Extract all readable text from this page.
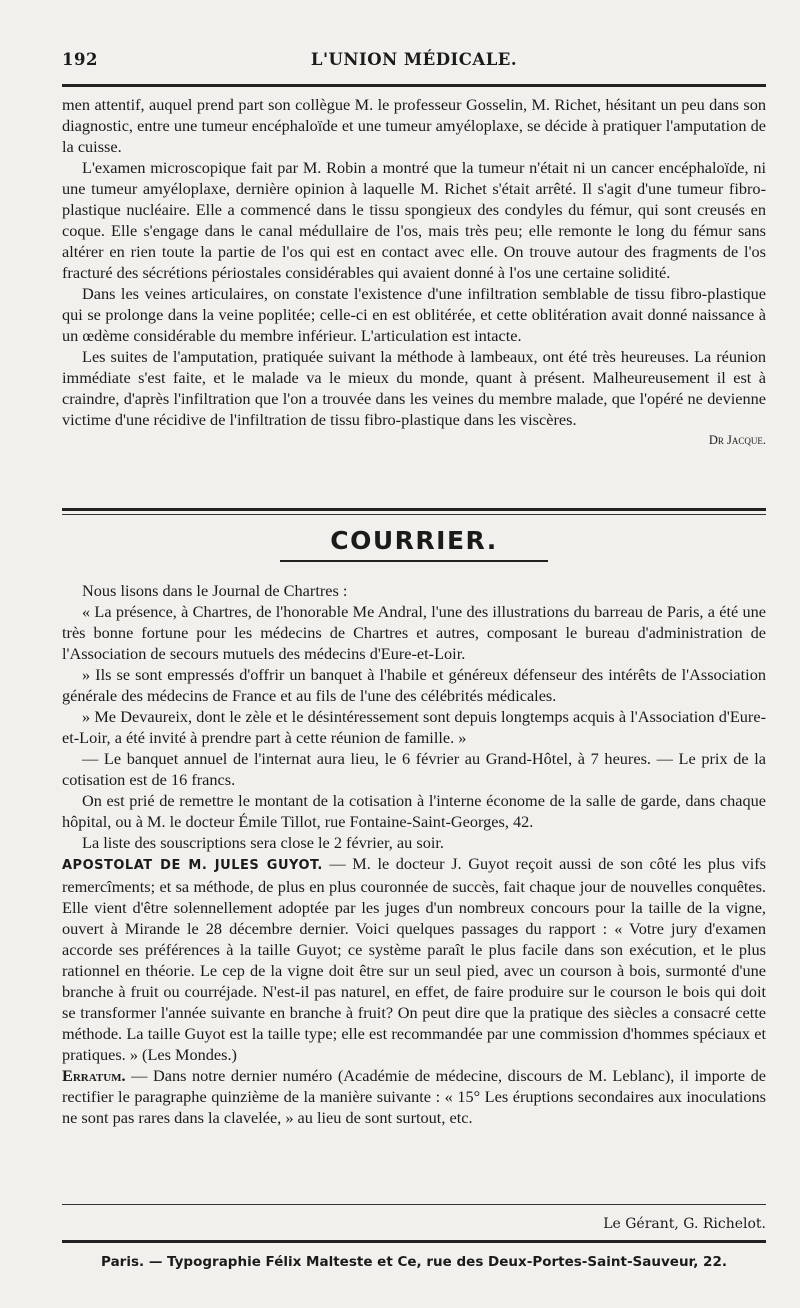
192	L'UNION MÉDICALE.

men attentif, auquel prend part son collègue M. le professeur Gosselin, M. Richet, hésitant un peu dans son diagnostic, entre une tumeur encéphaloïde et une tumeur amyéloplaxe, se décide à pratiquer l'amputation de la cuisse.

L'examen microscopique fait par M. Robin a montré que la tumeur n'était ni un cancer encéphaloïde, ni une tumeur amyéloplaxe, dernière opinion à laquelle M. Richet s'était arrêté. Il s'agit d'une tumeur fibro-plastique nucléaire. Elle a commencé dans le tissu spongieux des condyles du fémur, qui sont creusés en coque. Elle s'engage dans le canal médullaire de l'os, mais très peu; elle remonte le long du fémur sans altérer en rien toute la partie de l'os qui est en contact avec elle. On trouve autour des fragments de l'os fracturé des sécrétions périostales considérables qui avaient donné à l'os une certaine solidité.

Dans les veines articulaires, on constate l'existence d'une infiltration semblable de tissu fibro-plastique qui se prolonge dans la veine poplitée; celle-ci en est oblitérée, et cette oblitération avait donné naissance à un œdème considérable du membre inférieur. L'articulation est intacte.

Les suites de l'amputation, pratiquée suivant la méthode à lambeaux, ont été très heureuses. La réunion immédiate s'est faite, et le malade va le mieux du monde, quant à présent. Malheureusement il est à craindre, d'après l'infiltration que l'on a trouvée dans les veines du membre malade, que l'opéré ne devienne victime d'une récidive de l'infiltration de tissu fibro-plastique dans les viscères.

Dr Jacque.
COURRIER.

Nous lisons dans le Journal de Chartres :

« La présence, à Chartres, de l'honorable Me Andral, l'une des illustrations du barreau de Paris, a été une très bonne fortune pour les médecins de Chartres et autres, composant le bureau d'administration de l'Association de secours mutuels des médecins d'Eure-et-Loir.

» Ils se sont empressés d'offrir un banquet à l'habile et généreux défenseur des intérêts de l'Association générale des médecins de France et au fils de l'une des célébrités médicales.

» Me Devaureix, dont le zèle et le désintéressement sont depuis longtemps acquis à l'Association d'Eure-et-Loir, a été invité à prendre part à cette réunion de famille. »

— Le banquet annuel de l'internat aura lieu, le 6 février au Grand-Hôtel, à 7 heures. — Le prix de la cotisation est de 16 francs.

On est prié de remettre le montant de la cotisation à l'interne économe de la salle de garde, dans chaque hôpital, ou à M. le docteur Émile Tillot, rue Fontaine-Saint-Georges, 42.

La liste des souscriptions sera close le 2 février, au soir.

APOSTOLAT DE M. JULES GUYOT. — M. le docteur J. Guyot reçoit aussi de son côté les plus vifs remercîments; et sa méthode, de plus en plus couronnée de succès, fait chaque jour de nouvelles conquêtes. Elle vient d'être solennellement adoptée par les juges d'un nombreux concours pour la taille de la vigne, ouvert à Mirande le 28 décembre dernier. Voici quelques passages du rapport : « Votre jury d'examen accorde ses préférences à la taille Guyot; ce système paraît le plus facile dans son exécution, et le plus rationnel en théorie. Le cep de la vigne doit être sur un seul pied, avec un courson à bois, surmonté d'une branche à fruit ou courréjade. N'est-il pas naturel, en effet, de faire produire sur le courson le bois qui doit se transformer l'année suivante en branche à fruit? On peut dire que la pratique des siècles a consacré cette méthode. La taille Guyot est la taille type; elle est recommandée par une commission d'hommes spéciaux et pratiques. » (Les Mondes.)

Erratum. — Dans notre dernier numéro (Académie de médecine, discours de M. Leblanc), il importe de rectifier le paragraphe quinzième de la manière suivante : « 15° Les éruptions secondaires aux inoculations ne sont pas rares dans la clavelée, » au lieu de sont surtout, etc.

Le Gérant, G. Richelot.
Paris. — Typographie Félix Malteste et Ce, rue des Deux-Portes-Saint-Sauveur, 22.
